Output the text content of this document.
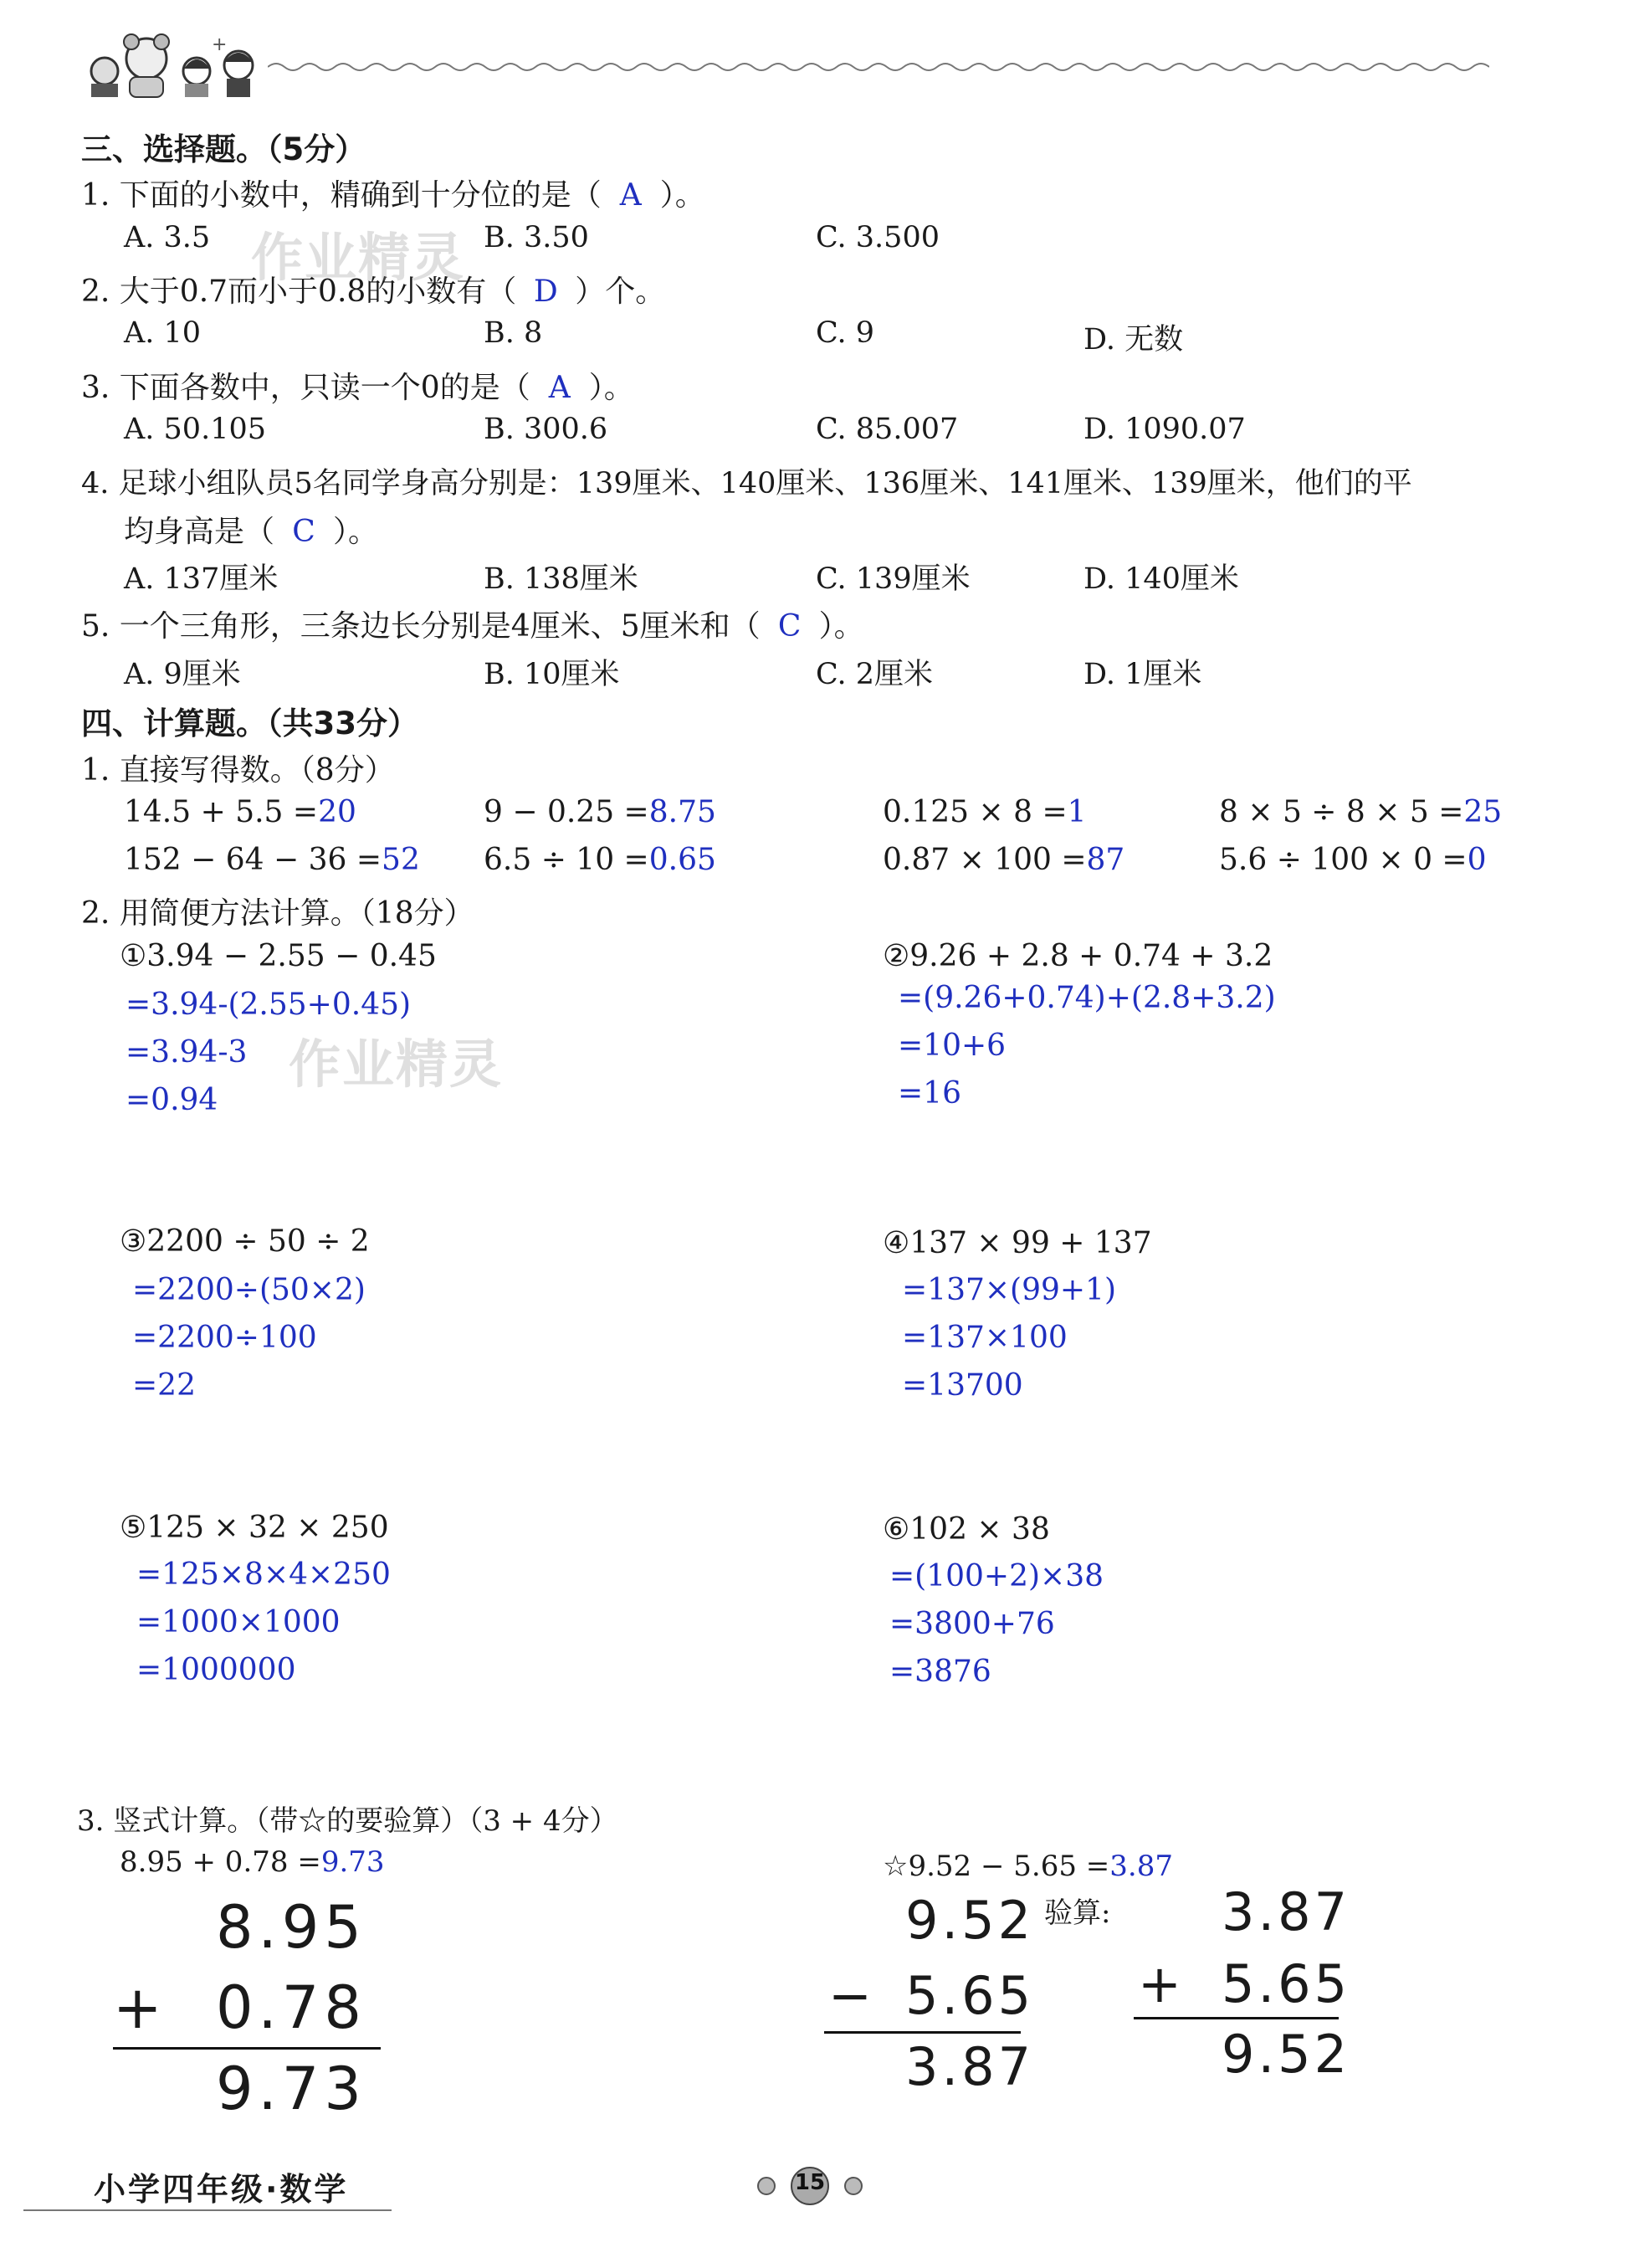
+
三、选择题。（5分）
1. 下面的小数中，精确到十分位的是（ A ）。
A. 3.5	B. 3.50	C. 3.500
2. 大于0.7而小于0.8的小数有（ D ）个。
A. 10	B. 8	C. 9	D. 无数
3. 下面各数中，只读一个0的是（ A ）。
A. 50.105	B. 300.6	C. 85.007	D. 1090.07
4. 足球小组队员5名同学身高分别是：139厘米、140厘米、136厘米、141厘米、139厘米，他们的平
均身高是（ C ）。
A. 137厘米	B. 138厘米	C. 139厘米	D. 140厘米
5. 一个三角形，三条边长分别是4厘米、5厘米和（ C ）。
A. 9厘米	B. 10厘米	C. 2厘米	D. 1厘米
四、计算题。（共33分）
1. 直接写得数。（8分）
14.5 + 5.5 =20	9 − 0.25 =8.75	0.125 × 8 =1	8 × 5 ÷ 8 × 5 =25
152 − 64 − 36 =52 6.5 ÷ 10 =0.65	0.87 × 100 =87	5.6 ÷ 100 × 0 =0
2. 用简便方法计算。（18分）
①3.94 − 2.55 − 0.45
=3.94-(2.55+0.45)
=3.94-3
=0.94
②9.26 + 2.8 + 0.74 + 3.2
=(9.26+0.74)+(2.8+3.2)
=10+6
=16
③2200 ÷ 50 ÷ 2
=2200÷(50×2)
=2200÷100
=22
④137 × 99 + 137
=137×(99+1)
=137×100
=13700
⑤125 × 32 × 250
=125×8×4×250
=1000×1000
=1000000
⑥102 × 38
=(100+2)×38
=3800+76
=3876
3. 竖式计算。（带☆的要验算）（3 + 4分）
8.95 + 0.78 =9.73	☆9.52 − 5.65 =3.87
8.95
+ 0.78
9.73
9.52
− 5.65
3.87
验算: 3.87
+ 5.65
9.52
作业精灵
作业精灵
小学四年级·数学	15
